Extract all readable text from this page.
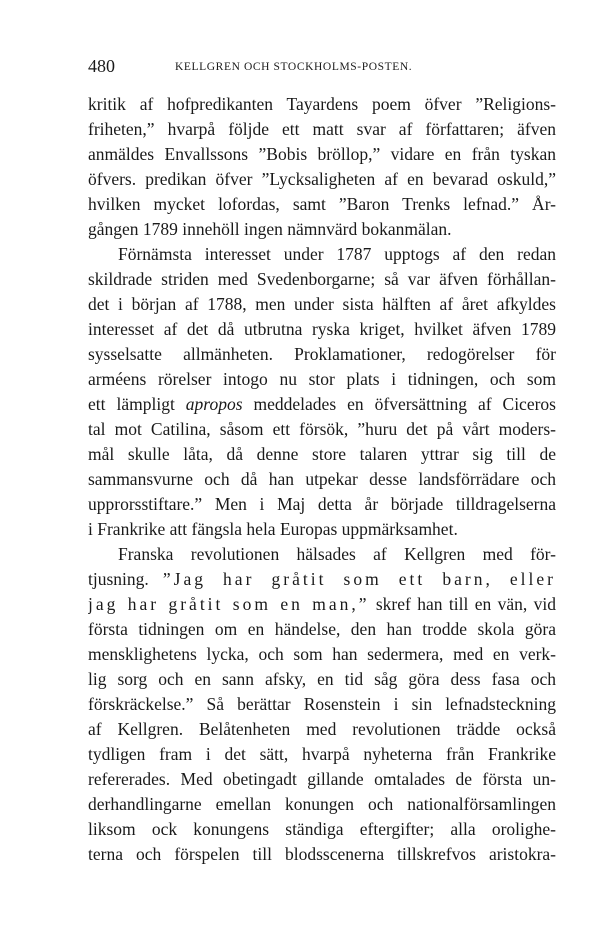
480	KELLGREN OCH STOCKHOLMS-POSTEN.
kritik af hofpredikanten Tayardens poem öfver ”Religions-
friheten,” hvarpå följde ett matt svar af författaren; äfven
anmäldes Envallssons ”Bobis bröllop,” vidare en från tyskan
öfvers. predikan öfver ”Lycksaligheten af en bevarad oskuld,”
hvilken mycket lofordas, samt ”Baron Trenks lefnad.” År-
gången 1789 innehöll ingen nämnvärd bokanmälan.
Förnämsta interesset under 1787 upptogs af den redan
skildrade striden med Svedenborgarne; så var äfven förhållan-
det i början af 1788, men under sista hälften af året afkyldes
interesset af det då utbrutna ryska kriget, hvilket äfven 1789
sysselsatte allmänheten. Proklamationer, redogörelser för
arméens rörelser intogo nu stor plats i tidningen, och som
ett lämpligt apropos meddelades en öfversättning af Ciceros
tal mot Catilina, såsom ett försök, ”huru det på vårt moders-
mål skulle låta, då denne store talaren yttrar sig till de
sammansvurne och då han utpekar desse landsförrädare och
upprorsstiftare.” Men i Maj detta år började tilldragelserna
i Frankrike att fängsla hela Europas uppmärksamhet.
Franska revolutionen hälsades af Kellgren med för-
tjusning. ”Jag har gråtit som ett barn, eller
jag har gråtit som en man,” skref han till en vän, vid
första tidningen om en händelse, den han trodde skola göra
mensklighetens lycka, och som han sedermera, med en verk-
lig sorg och en sann afsky, en tid såg göra dess fasa och
förskräckelse.” Så berättar Rosenstein i sin lefnadsteckning
af Kellgren. Belåtenheten med revolutionen trädde också
tydligen fram i det sätt, hvarpå nyheterna från Frankrike
refererades. Med obetingadt gillande omtalades de första un-
derhandlingarne emellan konungen och nationalförsamlingen
liksom ock konungens ständiga eftergifter; alla orolighe-
terna och förspelen till blodsscenerna tillskrefvos aristokra-
